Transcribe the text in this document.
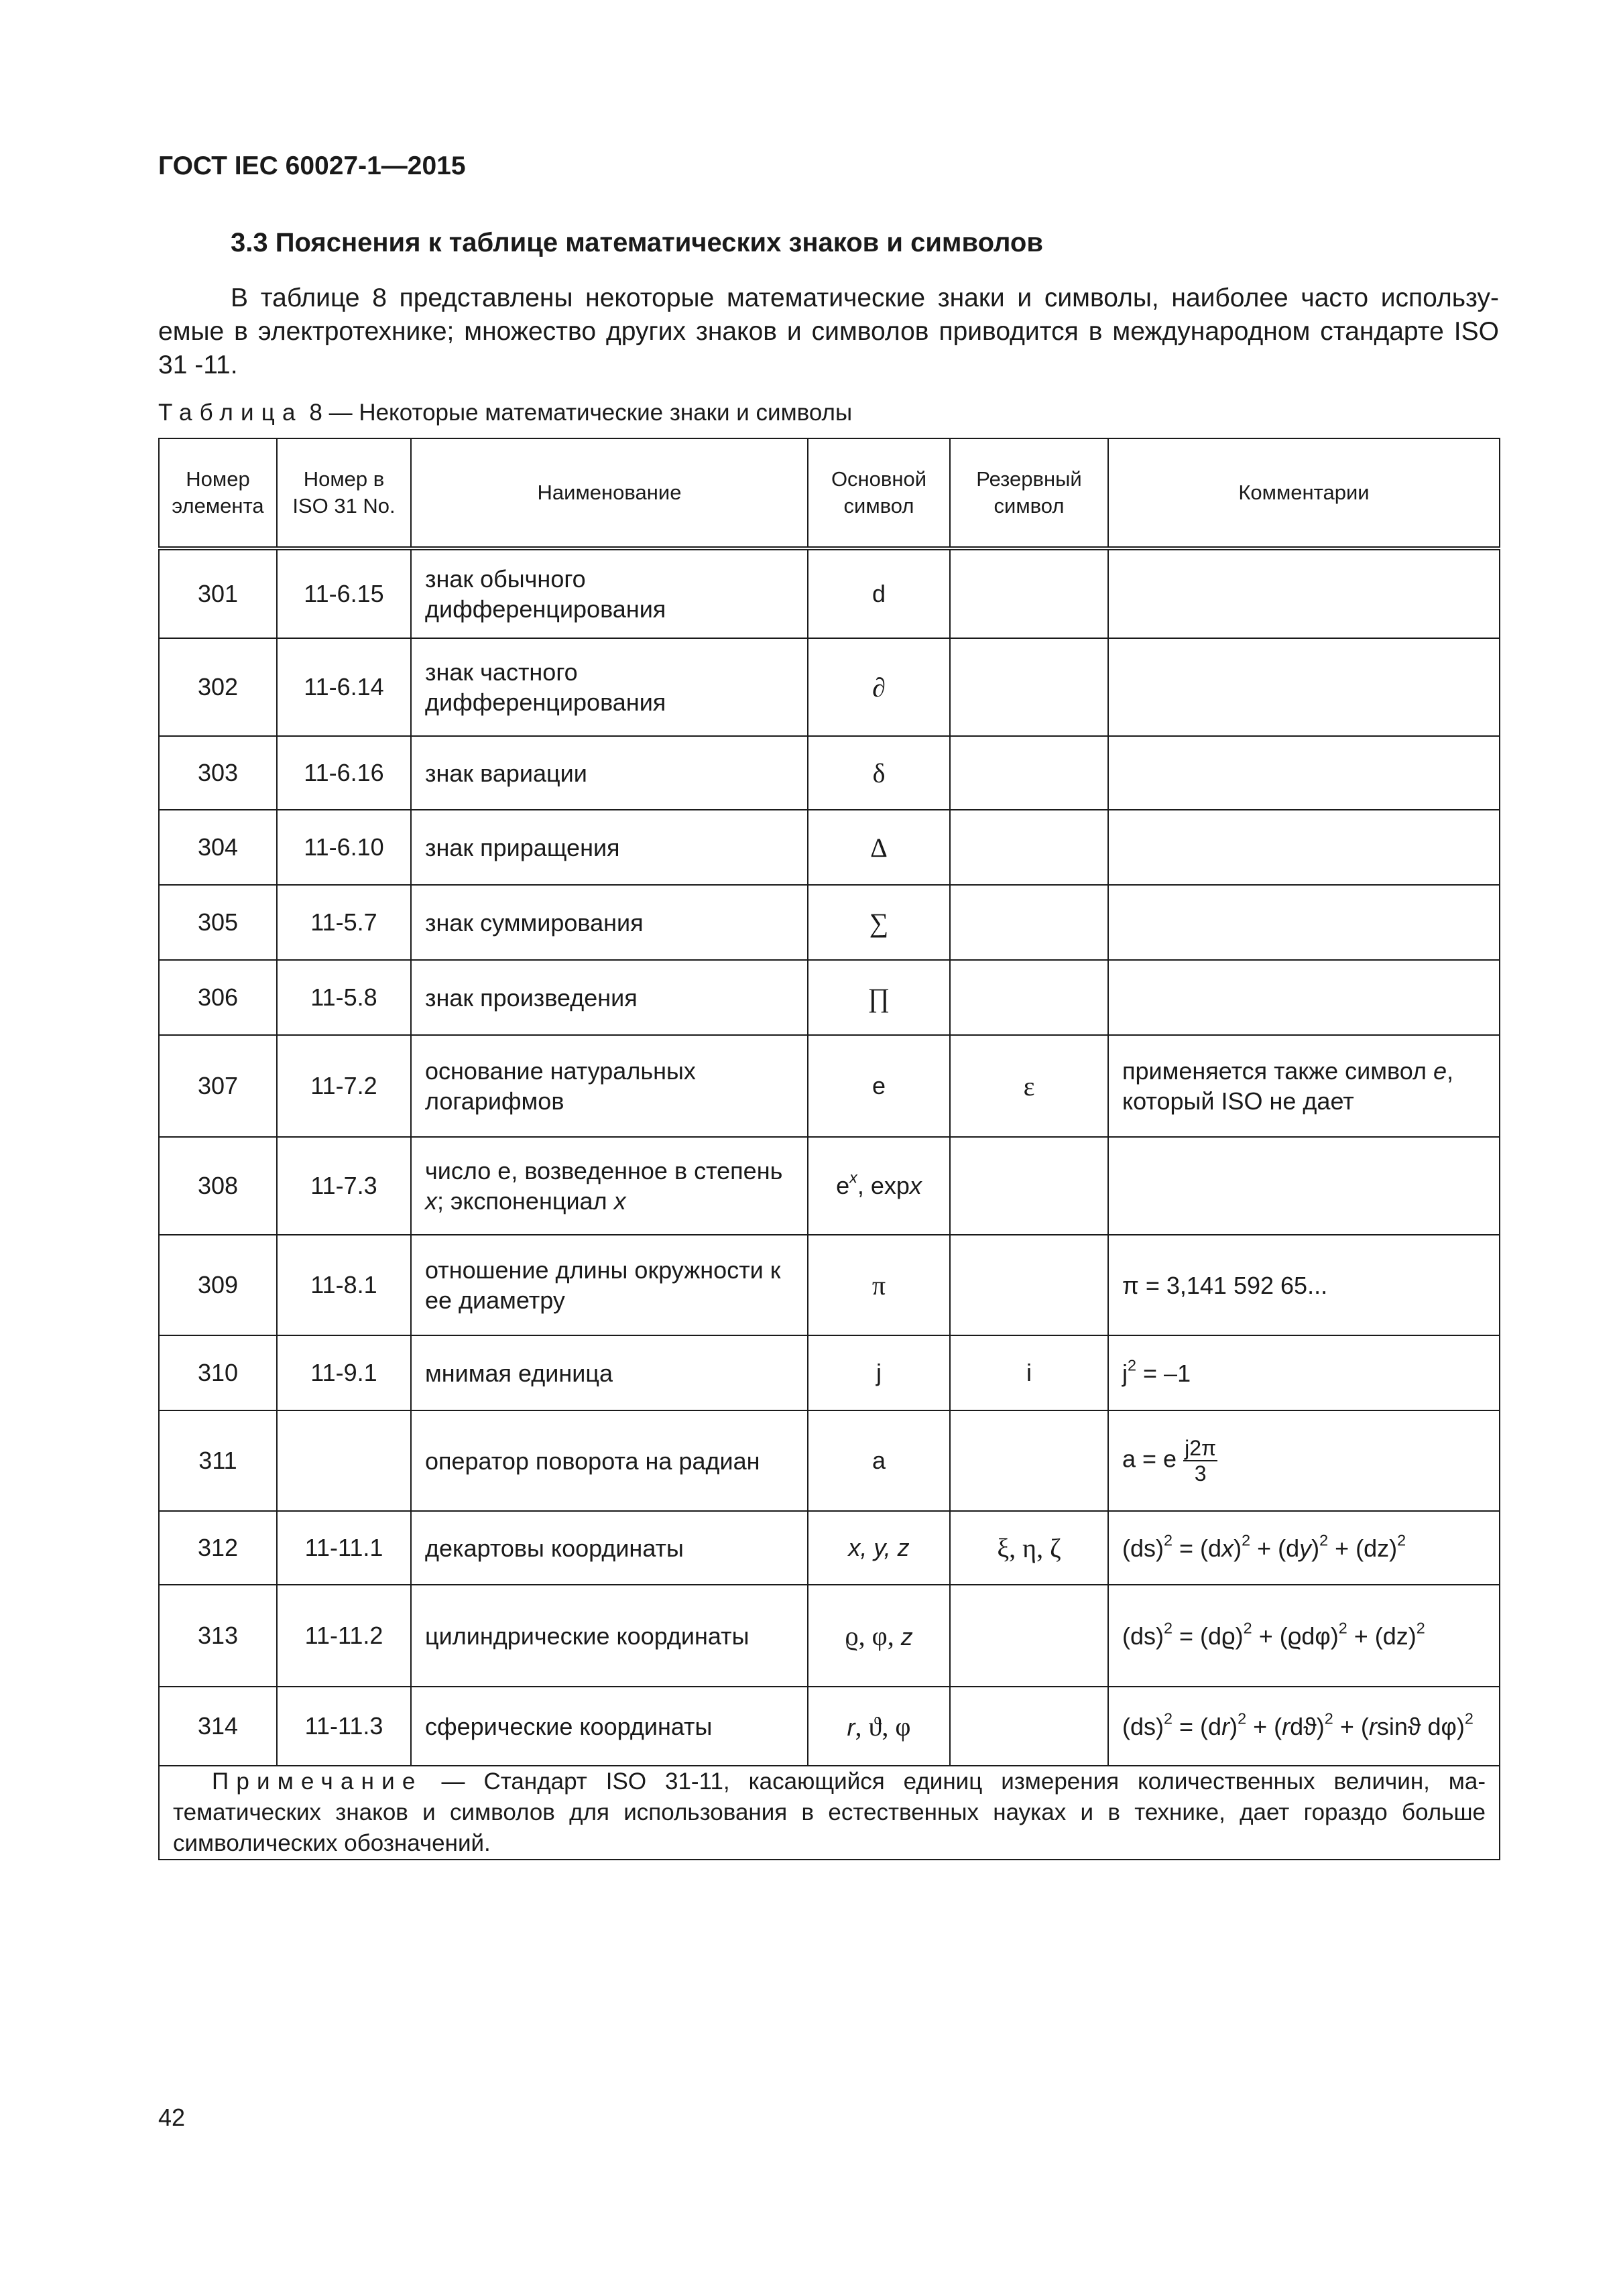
ГОСТ IEC 60027-1—2015

3.3 Пояснения к таблице математических знаков и символов

В таблице 8 представлены некоторые математические знаки и символы, наиболее часто использу- емые в электротехнике; множество других знаков и символов приводится в международном стандарте ISO 31 -11.

Таблица 8 — Некоторые математические знаки и символы

Номер элемента	Номер в ISO 31 No.	Наименование	Основной символ	Резервный символ	Комментарии
301	11-6.15	знак обычного дифференцирования	d		
302	11-6.14	знак частного дифференцирования	∂		
303	11-6.16	знак вариации	δ		
304	11-6.10	знак приращения	Δ		
305	11-5.7	знак суммирования	∑		
306	11-5.8	знак произведения	∏		
307	11-7.2	основание натуральных логарифмов	e	ε	применяется также символ e, который ISO не дает
308	11-7.3	число е, возведенное в степень x; экспоненциал x	$e^x$, expx		
309	11-8.1	отношение длины окружности к ее диаметру	π		π = 3,141 592 65...
310	11-9.1	мнимая единица	j	i	$j^2 = -1$
311		оператор поворота на радиан	a		a = e $\frac{j2\pi}{3}$

312	11-11.1	декартовы координаты	x, y, z	ξ, η, ζ	(ds)$^2$ = (dx)$^2$ + (dy)$^2$ + (dz)$^2$
313	11-11.2	цилиндрические координаты	ϱ, φ, z		$(ds)^2 = (dϱ)^2 + (ϱd\varphi)^2 + (dz)^2$
314	11-11.3	сферические координаты	r, ϑ, φ		$(ds)^2 = (dr)^2 + (rdϑ)^2 + (rsinϑ$ dφ)$^2$
Примечание — Стандарт ISO 31-11, касающийся единиц измерения количественных величин, ма- тематических знаков и символов для использования в естественных науках и в технике, дает гораздо больше символических обозначений.					

42
